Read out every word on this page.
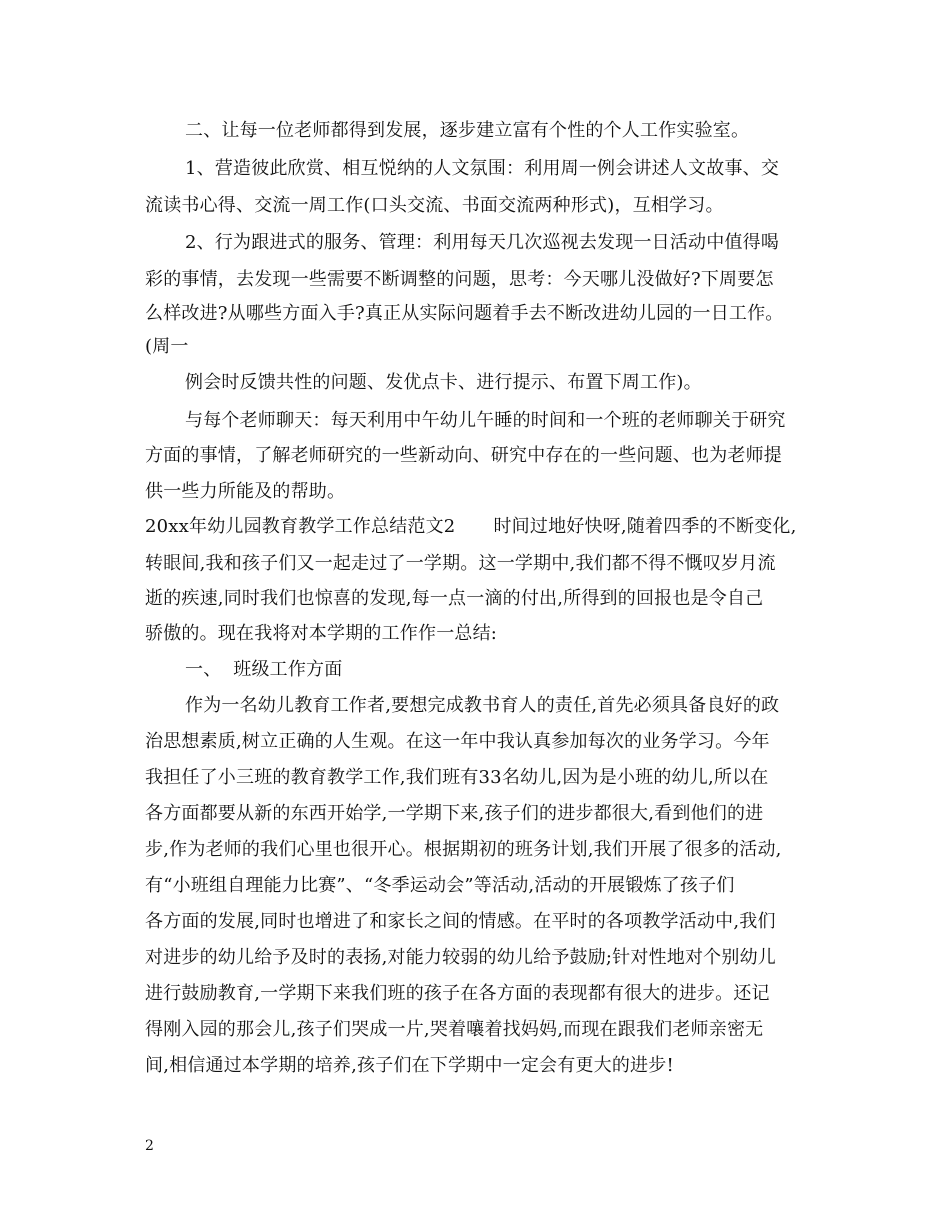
二、让每一位老师都得到发展，逐步建立富有个性的个人工作实验室。
1、营造彼此欣赏、相互悦纳的人文氛围：利用周一例会讲述人文故事、交
流读书心得、交流一周工作(口头交流、书面交流两种形式)，互相学习。
2、行为跟进式的服务、管理：利用每天几次巡视去发现一日活动中值得喝
彩的事情，去发现一些需要不断调整的问题，思考：今天哪儿没做好?下周要怎
么样改进?从哪些方面入手?真正从实际问题着手去不断改进幼儿园的一日工作。
(周一
例会时反馈共性的问题、发优点卡、进行提示、布置下周工作)。
与每个老师聊天：每天利用中午幼儿午睡的时间和一个班的老师聊关于研究
方面的事情，了解老师研究的一些新动向、研究中存在的一些问题、也为老师提
供一些力所能及的帮助。
20xx年幼儿园教育教学工作总结范文2 时间过地好快呀,随着四季的不断变化,
转眼间,我和孩子们又一起走过了一学期。这一学期中,我们都不得不慨叹岁月流
逝的疾速,同时我们也惊喜的发现,每一点一滴的付出,所得到的回报也是令自己
骄傲的。现在我将对本学期的工作作一总结:
一、  班级工作方面
作为一名幼儿教育工作者,要想完成教书育人的责任,首先必须具备良好的政
治思想素质,树立正确的人生观。在这一年中我认真参加每次的业务学习。今年
我担任了小三班的教育教学工作,我们班有33名幼儿,因为是小班的幼儿,所以在
各方面都要从新的东西开始学,一学期下来,孩子们的进步都很大,看到他们的进
步,作为老师的我们心里也很开心。根据期初的班务计划,我们开展了很多的活动,
有“小班组自理能力比赛”、“冬季运动会”等活动,活动的开展锻炼了孩子们
各方面的发展,同时也增进了和家长之间的情感。在平时的各项教学活动中,我们
对进步的幼儿给予及时的表扬,对能力较弱的幼儿给予鼓励;针对性地对个别幼儿
进行鼓励教育,一学期下来我们班的孩子在各方面的表现都有很大的进步。还记
得刚入园的那会儿,孩子们哭成一片,哭着嚷着找妈妈,而现在跟我们老师亲密无
间,相信通过本学期的培养,孩子们在下学期中一定会有更大的进步!
2
